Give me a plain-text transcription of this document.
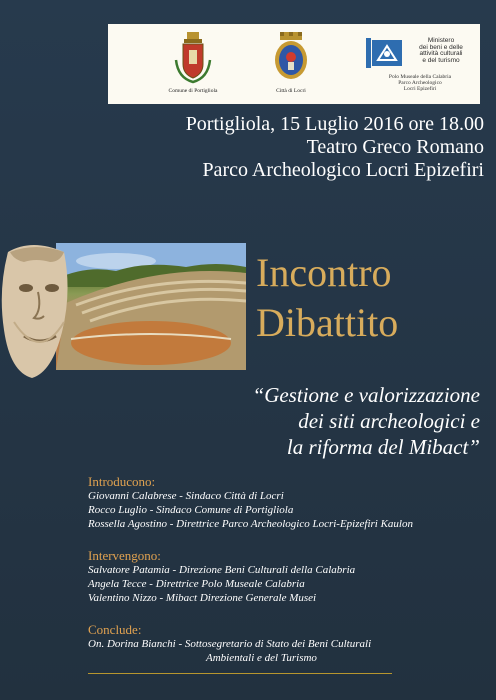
Comune di Portigliola	Città di Locri
Ministero
dei beni e delle
attività culturali
e del turismo
Polo Museale della Calabria
Parco Archeologico
Locri Epizefiri
Portigliola, 15 Luglio 2016 ore 18.00
Teatro Greco Romano
Parco Archeologico Locri Epizefiri
Incontro
Dibattito
“Gestione e valorizzazione
dei siti archeologici e
la riforma del Mibact”
Introducono:
Giovanni Calabrese - Sindaco Città di Locri
Rocco Luglio - Sindaco Comune di Portigliola
Rossella Agostino - Direttrice Parco Archeologico Locri-Epizefiri Kaulon
Intervengono:
Salvatore Patamia - Direzione Beni Culturali della Calabria
Angela Tecce - Direttrice Polo Museale Calabria
Valentino Nizzo - Mibact Direzione Generale Musei
Conclude:
On. Dorina Bianchi - Sottosegretario di Stato dei Beni Culturali
Ambientali e del Turismo
